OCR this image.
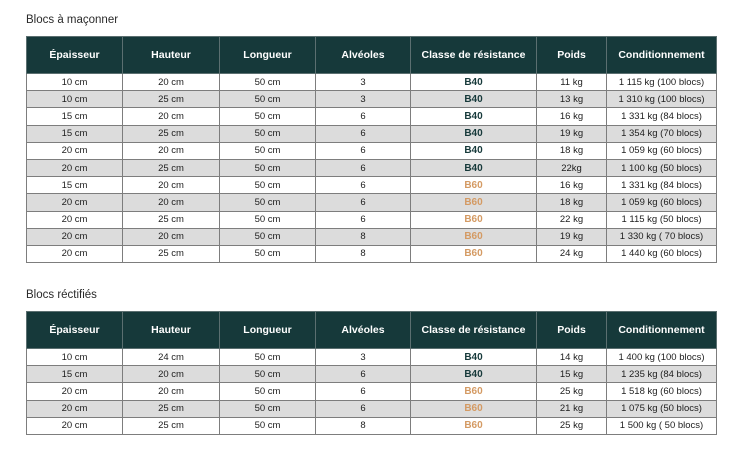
Blocs à maçonner
Épaisseur	Hauteur	Longueur	Alvéoles	Classe de résistance	Poids	Conditionnement
10 cm	20 cm	50 cm	3	B40	11 kg	1 115 kg (100 blocs)
10 cm	25 cm	50 cm	3	B40	13 kg	1 310 kg (100 blocs)
15 cm	20 cm	50 cm	6	B40	16 kg	1 331 kg (84 blocs)
15 cm	25 cm	50 cm	6	B40	19 kg	1 354 kg (70 blocs)
20 cm	20 cm	50 cm	6	B40	18 kg	1 059 kg (60 blocs)
20 cm	25 cm	50 cm	6	B40	22kg	1 100 kg (50 blocs)
15 cm	20 cm	50 cm	6	B60	16 kg	1 331 kg (84 blocs)
20 cm	20 cm	50 cm	6	B60	18 kg	1 059 kg (60 blocs)
20 cm	25 cm	50 cm	6	B60	22 kg	1 115 kg (50 blocs)
20 cm	20 cm	50 cm	8	B60	19 kg	1 330 kg ( 70 blocs)
20 cm	25 cm	50 cm	8	B60	24 kg	1 440 kg (60 blocs)
Blocs réctifiés
Épaisseur	Hauteur	Longueur	Alvéoles	Classe de résistance	Poids	Conditionnement
10 cm	24 cm	50 cm	3	B40	14 kg	1 400 kg (100 blocs)
15 cm	20 cm	50 cm	6	B40	15 kg	1 235 kg (84 blocs)
20 cm	20 cm	50 cm	6	B60	25 kg	1 518 kg (60 blocs)
20 cm	25 cm	50 cm	6	B60	21 kg	1 075 kg (50 blocs)
20 cm	25 cm	50 cm	8	B60	25 kg	1 500 kg ( 50 blocs)
